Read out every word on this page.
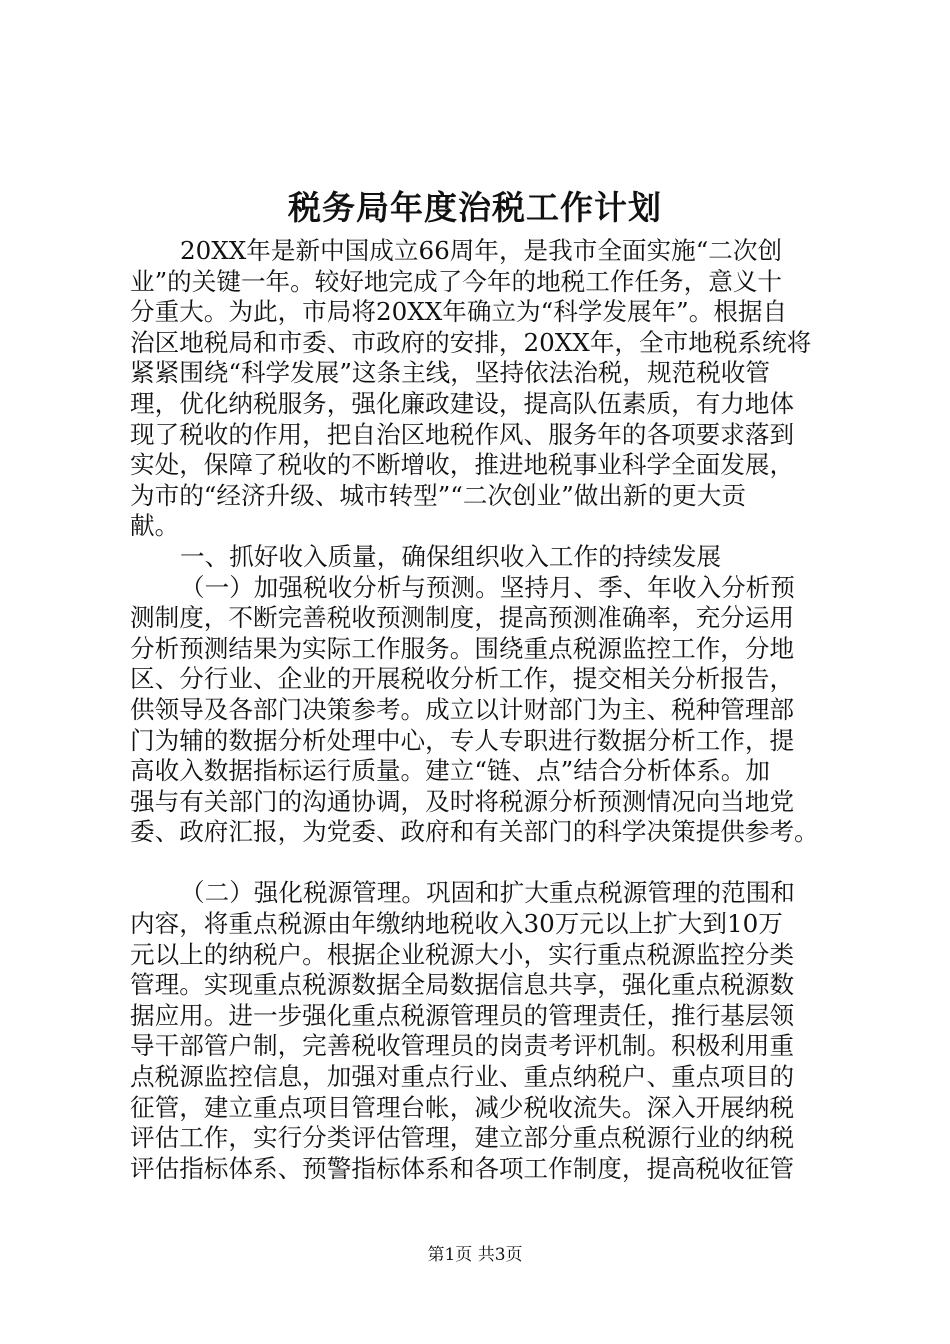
税务局年度治税工作计划
20XX年是新中国成立66周年，是我市全面实施“二次创
业”的关键一年。较好地完成了今年的地税工作任务，意义十
分重大。为此，市局将20XX年确立为“科学发展年”。根据自
治区地税局和市委、市政府的安排，20XX年，全市地税系统将
紧紧围绕“科学发展”这条主线，坚持依法治税，规范税收管
理，优化纳税服务，强化廉政建设，提高队伍素质，有力地体
现了税收的作用，把自治区地税作风、服务年的各项要求落到
实处，保障了税收的不断增收，推进地税事业科学全面发展，
为市的“经济升级、城市转型”“二次创业”做出新的更大贡
献。
一、抓好收入质量，确保组织收入工作的持续发展
（一）加强税收分析与预测。坚持月、季、年收入分析预
测制度，不断完善税收预测制度，提高预测准确率，充分运用
分析预测结果为实际工作服务。围绕重点税源监控工作，分地
区、分行业、企业的开展税收分析工作，提交相关分析报告，
供领导及各部门决策参考。成立以计财部门为主、税种管理部
门为辅的数据分析处理中心，专人专职进行数据分析工作，提
高收入数据指标运行质量。建立“链、点”结合分析体系。加
强与有关部门的沟通协调，及时将税源分析预测情况向当地党
委、政府汇报，为党委、政府和有关部门的科学决策提供参考。
（二）强化税源管理。巩固和扩大重点税源管理的范围和
内容，将重点税源由年缴纳地税收入30万元以上扩大到10万
元以上的纳税户。根据企业税源大小，实行重点税源监控分类
管理。实现重点税源数据全局数据信息共享，强化重点税源数
据应用。进一步强化重点税源管理员的管理责任，推行基层领
导干部管户制，完善税收管理员的岗责考评机制。积极利用重
点税源监控信息，加强对重点行业、重点纳税户、重点项目的
征管，建立重点项目管理台帐，减少税收流失。深入开展纳税
评估工作，实行分类评估管理，建立部分重点税源行业的纳税
评估指标体系、预警指标体系和各项工作制度，提高税收征管
第1页 共3页
